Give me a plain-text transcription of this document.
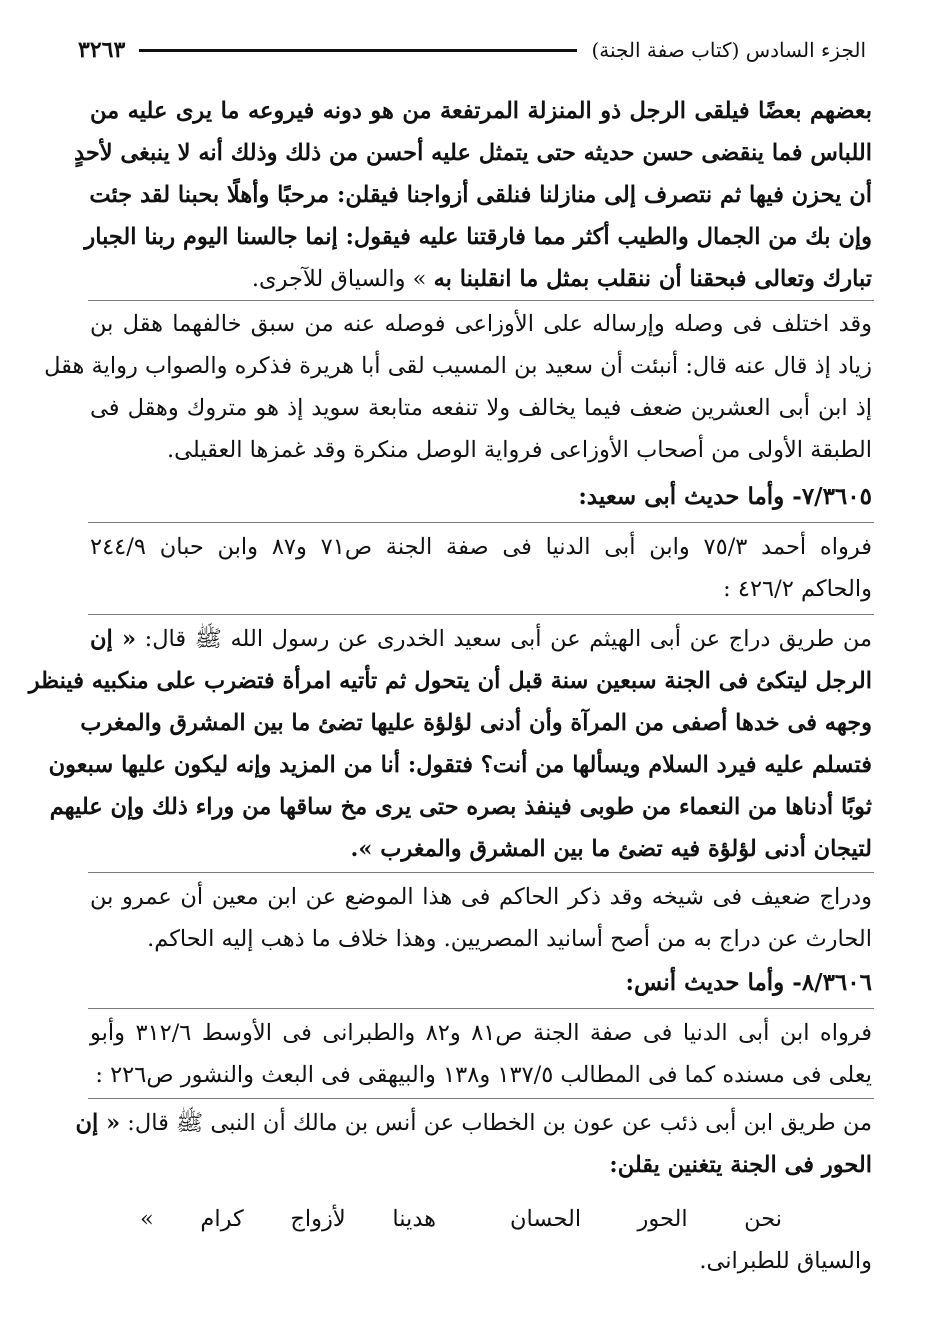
الجزء السادس (كتاب صفة الجنة)
٣٢٦٣
بعضهم بعضًا فيلقى الرجل ذو المنزلة المرتفعة من هو دونه فيروعه ما يرى عليه من
اللباس فما ينقضى حسن حديثه حتى يتمثل عليه أحسن من ذلك وذلك أنه لا ينبغى لأحدٍ
أن يحزن فيها ثم نتصرف إلى منازلنا فنلقى أزواجنا فيقلن: مرحبًا وأهلًا بحبنا لقد جئت
وإن بك من الجمال والطيب أكثر مما فارقتنا عليه فيقول: إنما جالسنا اليوم ربنا الجبار
تبارك وتعالى فبحقنا أن ننقلب بمثل ما انقلبنا به » والسياق للآجرى.
وقد اختلف فى وصله وإرساله على الأوزاعى فوصله عنه من سبق خالفهما هقل بن
زياد إذ قال عنه قال: أنبئت أن سعيد بن المسيب لقى أبا هريرة فذكره والصواب رواية هقل
إذ ابن أبى العشرين ضعف فيما يخالف ولا تنفعه متابعة سويد إذ هو متروك وهقل فى
الطبقة الأولى من أصحاب الأوزاعى فرواية الوصل منكرة وقد غمزها العقيلى.
٧/٣٦٠٥- وأما حديث أبى سعيد:
فرواه أحمد ٧٥/٣ وابن أبى الدنيا فى صفة الجنة ص٧١ و٨٧ وابن حبان ٢٤٤/٩
والحاكم ٤٢٦/٢ :
من طريق دراج عن أبى الهيثم عن أبى سعيد الخدرى عن رسول الله ﷺ قال: « إن
الرجل ليتكئ فى الجنة سبعين سنة قبل أن يتحول ثم تأتيه امرأة فتضرب على منكبيه فينظر
وجهه فى خدها أصفى من المرآة وأن أدنى لؤلؤة عليها تضئ ما بين المشرق والمغرب
فتسلم عليه فيرد السلام ويسألها من أنت؟ فتقول: أنا من المزيد وإنه ليكون عليها سبعون
ثوبًا أدناها من النعماء من طوبى فينفذ بصره حتى يرى مخ ساقها من وراء ذلك وإن عليهم
لتيجان أدنى لؤلؤة فيه تضئ ما بين المشرق والمغرب ».
ودراج ضعيف فى شيخه وقد ذكر الحاكم فى هذا الموضع عن ابن معين أن عمرو بن
الحارث عن دراج به من أصح أسانيد المصريين. وهذا خلاف ما ذهب إليه الحاكم.
٨/٣٦٠٦- وأما حديث أنس:
فرواه ابن أبى الدنيا فى صفة الجنة ص٨١ و٨٢ والطبرانى فى الأوسط ٣١٢/٦ وأبو
يعلى فى مسنده كما فى المطالب ١٣٧/٥ و١٣٨ والبيهقى فى البعث والنشور ص٢٢٦ :
من طريق ابن أبى ذئب عن عون بن الخطاب عن أنس بن مالك أن النبى ﷺ قال: « إن
الحور فى الجنة يتغنين يقلن:
نحن الحور الحسان
هدينا لأزواج كرام »
والسياق للطبرانى.
